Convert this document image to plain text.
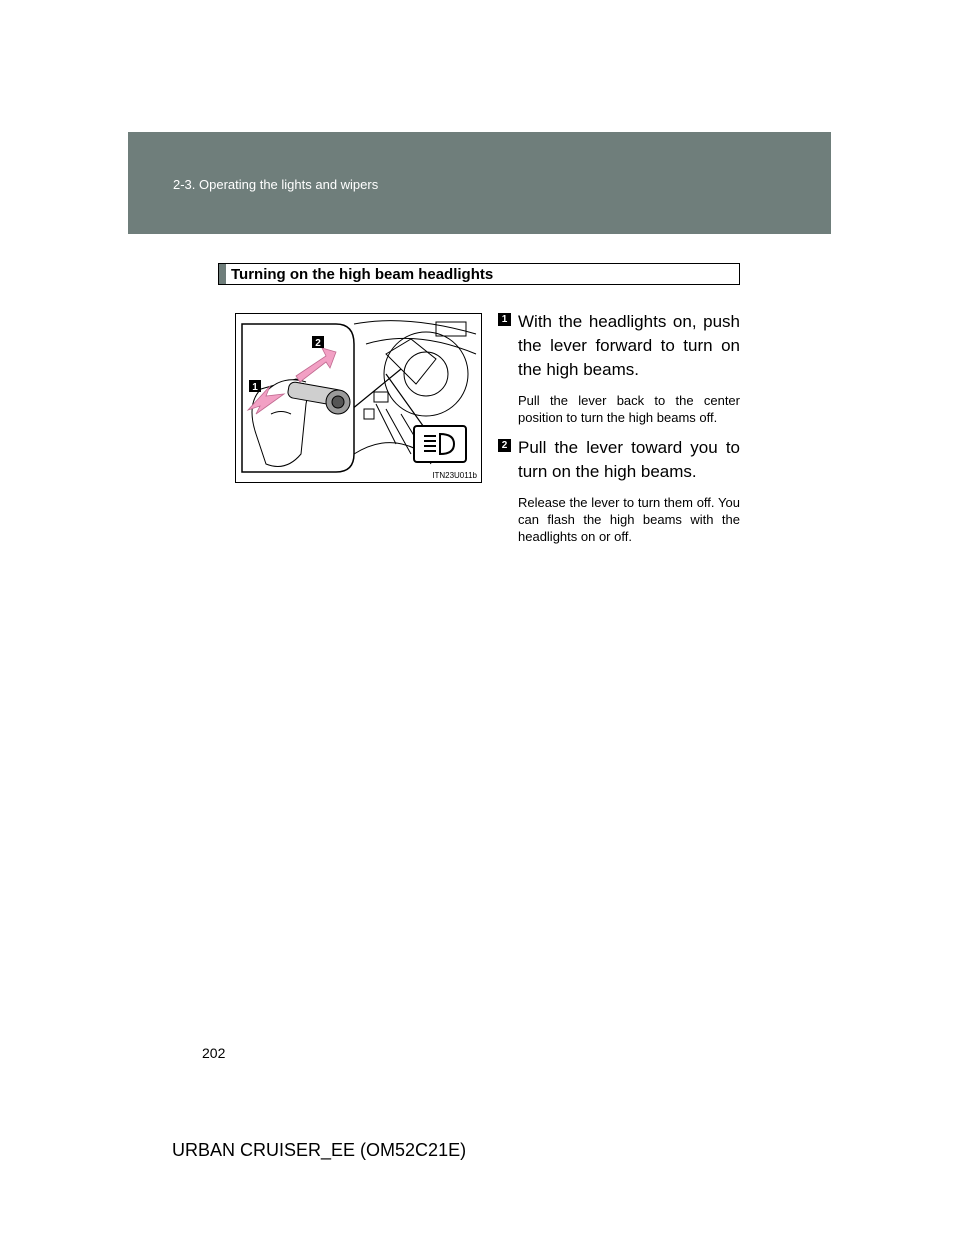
2-3. Operating the lights and wipers
Turning on the high beam headlights
1
2
ITN23U011b
1 With the headlights on, push the lever forward to turn on the high beams.
Pull the lever back to the center position to turn the high beams off.
2 Pull the lever toward you to turn on the high beams.
Release the lever to turn them off. You can flash the high beams with the headlights on or off.
202
URBAN CRUISER_EE (OM52C21E)
